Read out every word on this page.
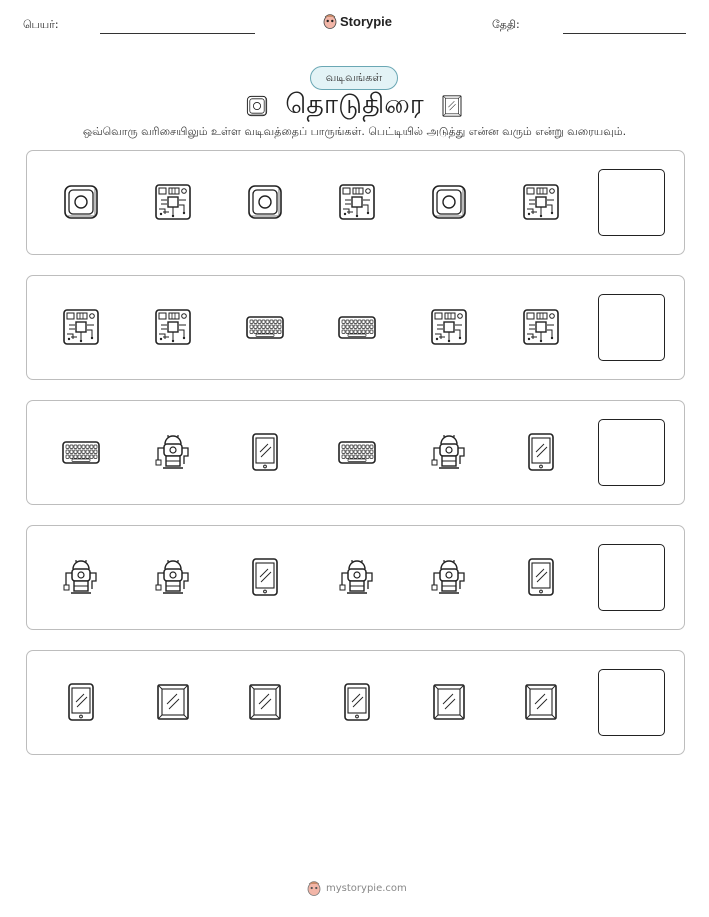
பெயர்:	Storypie	தேதி:
வடிவங்கள்
தொடுதிரை
ஒவ்வொரு வரிசையிலும் உள்ள வடிவத்தைப் பாருங்கள். பெட்டியில் அடுத்து என்ன வரும் என்று வரையவும்.
mystorypie.com
